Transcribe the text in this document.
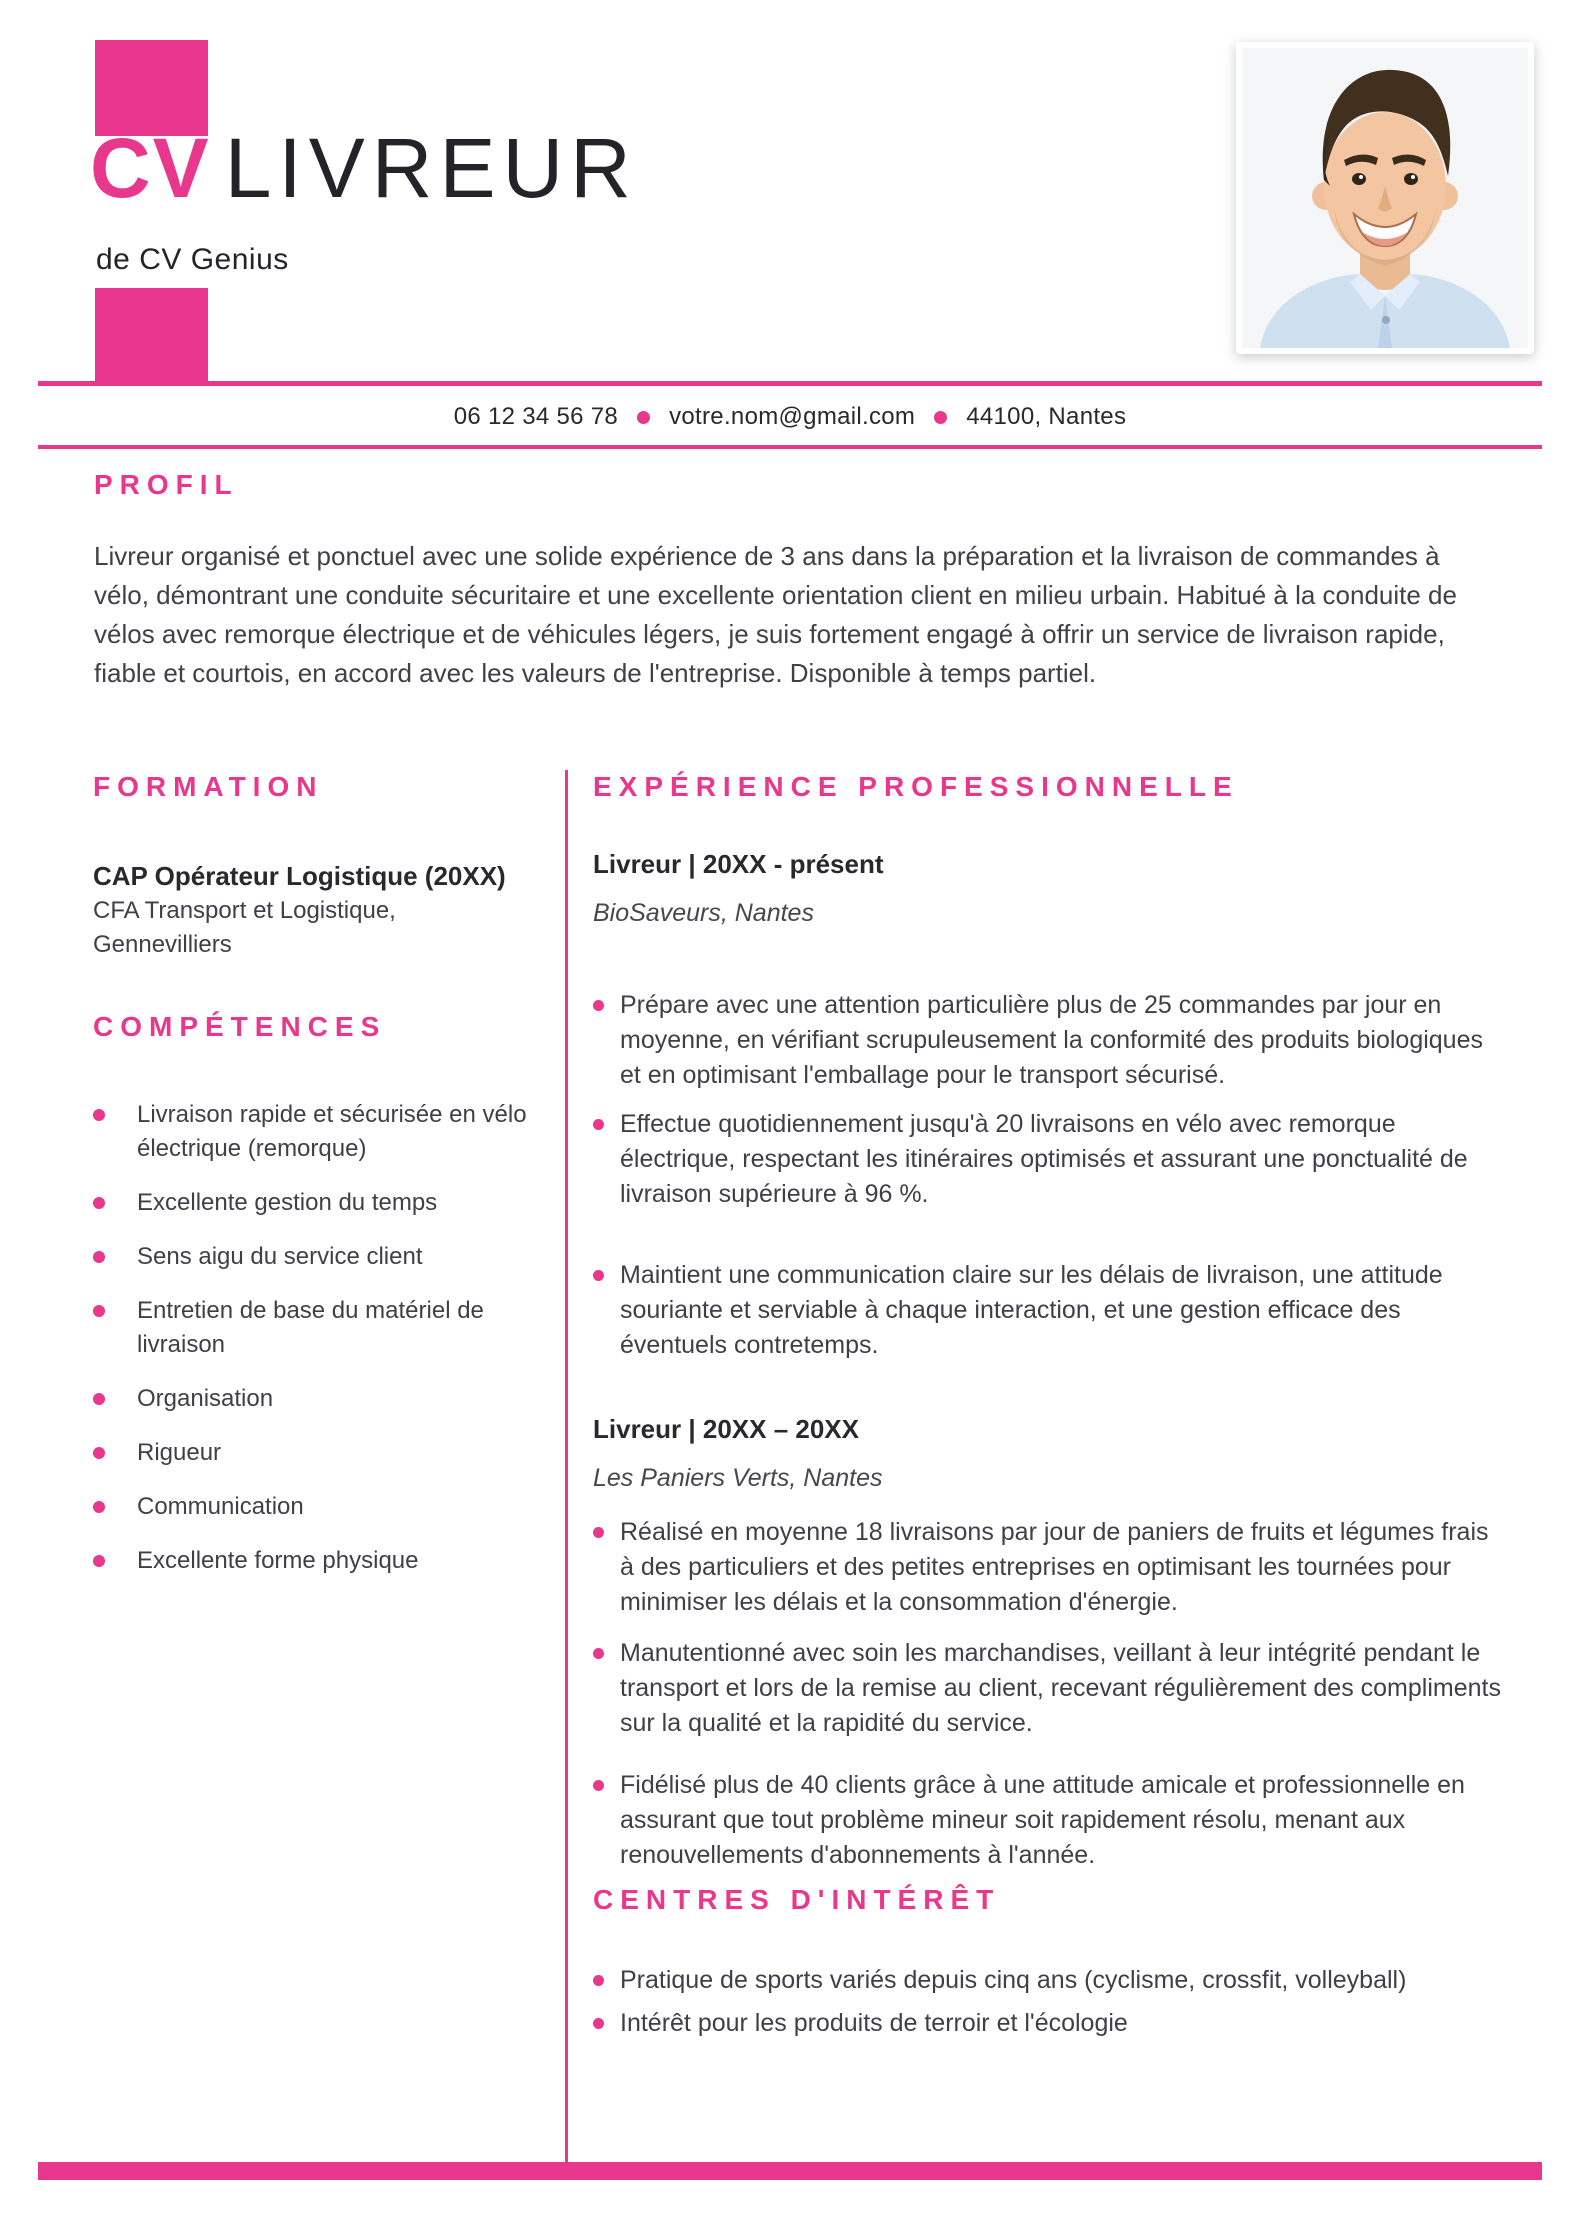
CV LIVREUR
de CV Genius
06 12 34 56 78 votre.nom@gmail.com 44100, Nantes
PROFIL
Livreur organisé et ponctuel avec une solide expérience de 3 ans dans la préparation et la livraison de commandes à vélo, démontrant une conduite sécuritaire et une excellente orientation client en milieu urbain. Habitué à la conduite de vélos avec remorque électrique et de véhicules légers, je suis fortement engagé à offrir un service de livraison rapide, fiable et courtois, en accord avec les valeurs de l'entreprise. Disponible à temps partiel.
FORMATION
CAP Opérateur Logistique (20XX)
CFA Transport et Logistique,
Gennevilliers
COMPÉTENCES
Livraison rapide et sécurisée en vélo électrique (remorque)
Excellente gestion du temps
Sens aigu du service client
Entretien de base du matériel de livraison
Organisation
Rigueur
Communication
Excellente forme physique
EXPÉRIENCE PROFESSIONNELLE
Livreur | 20XX - présent
BioSaveurs, Nantes
Prépare avec une attention particulière plus de 25 commandes par jour en moyenne, en vérifiant scrupuleusement la conformité des produits biologiques et en optimisant l'emballage pour le transport sécurisé.
Effectue quotidiennement jusqu'à 20 livraisons en vélo avec remorque électrique, respectant les itinéraires optimisés et assurant une ponctualité de livraison supérieure à 96 %.
Maintient une communication claire sur les délais de livraison, une attitude souriante et serviable à chaque interaction, et une gestion efficace des éventuels contretemps.
Livreur | 20XX – 20XX
Les Paniers Verts, Nantes
Réalisé en moyenne 18 livraisons par jour de paniers de fruits et légumes frais à des particuliers et des petites entreprises en optimisant les tournées pour minimiser les délais et la consommation d'énergie.
Manutentionné avec soin les marchandises, veillant à leur intégrité pendant le transport et lors de la remise au client, recevant régulièrement des compliments sur la qualité et la rapidité du service.
Fidélisé plus de 40 clients grâce à une attitude amicale et professionnelle en assurant que tout problème mineur soit rapidement résolu, menant aux renouvellements d'abonnements à l'année.
CENTRES D'INTÉRÊT
Pratique de sports variés depuis cinq ans (cyclisme, crossfit, volleyball)
Intérêt pour les produits de terroir et l'écologie
